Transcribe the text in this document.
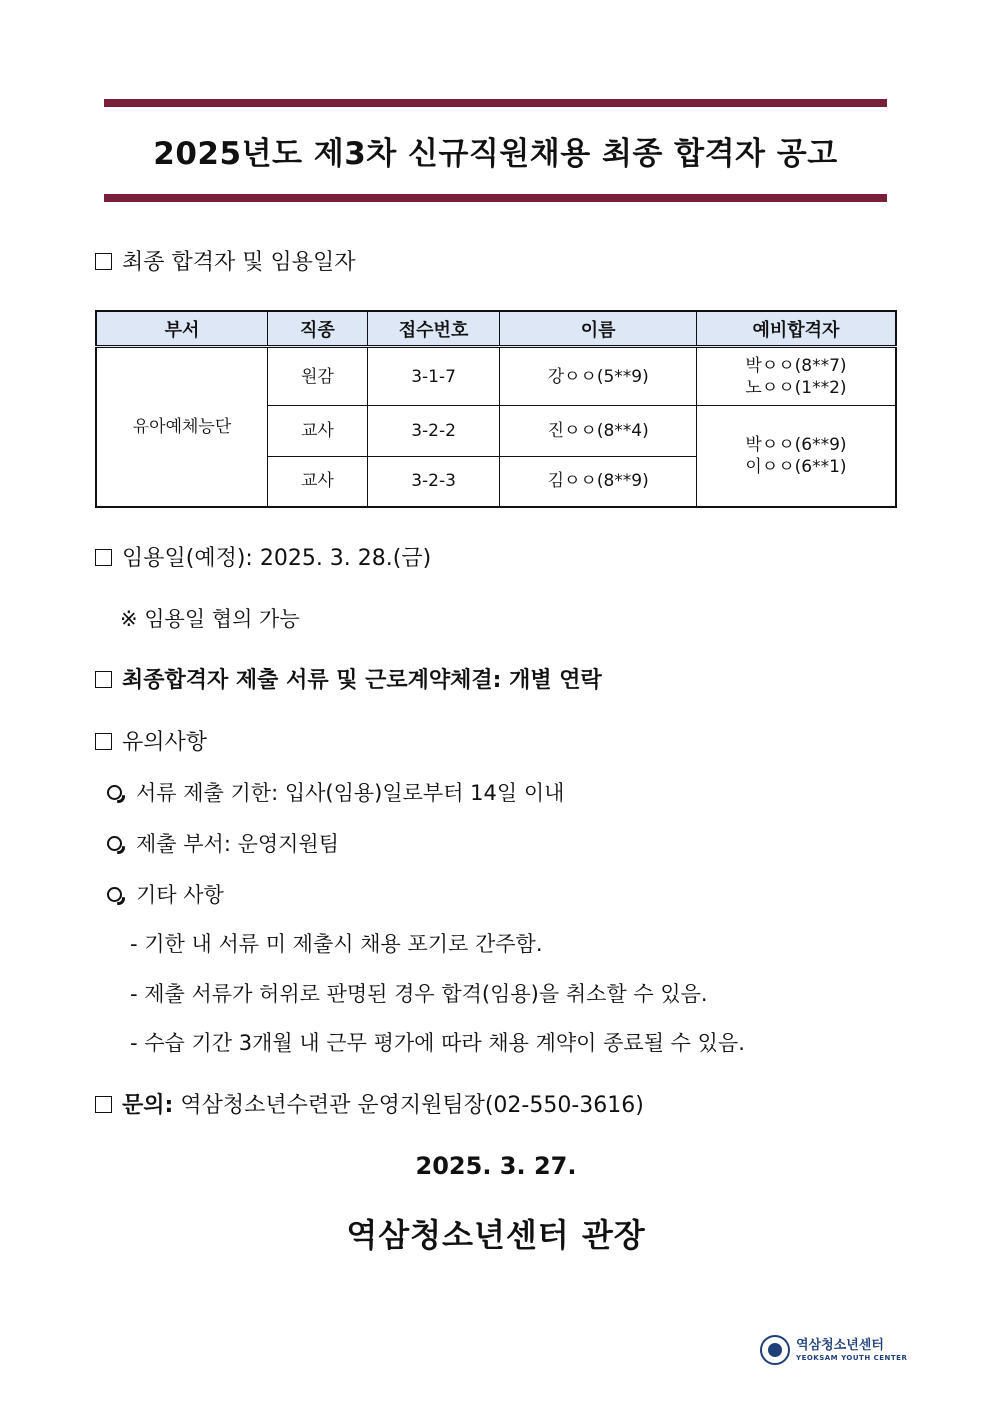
2025년도 제3차 신규직원채용 최종 합격자 공고
최종 합격자 및 임용일자
부서	직종	접수번호	이름	예비합격자
유아예체능단	원감	3-1-7	강ㅇㅇ(5**9)	박ㅇㅇ(8**7)
노ㅇㅇ(1**2)

	교사	3-2-2	진ㅇㅇ(8**4)	박ㅇㅇ(6**9)
이ㅇㅇ(6**1)

	교사	3-2-3	김ㅇㅇ(8**9)	
임용일(예정): 2025. 3. 28.(금)
※ 임용일 협의 가능
최종합격자 제출 서류 및 근로계약체결: 개별 연락
유의사항
서류 제출 기한: 입사(임용)일로부터 14일 이내
제출 부서: 운영지원팀
기타 사항
- 기한 내 서류 미 제출시 채용 포기로 간주함.
- 제출 서류가 허위로 판명된 경우 합격(임용)을 취소할 수 있음.
- 수습 기간 3개월 내 근무 평가에 따라 채용 계약이 종료될 수 있음.
문의: 역삼청소년수련관 운영지원팀장(02-550-3616)
2025. 3. 27.
역삼청소년센터 관장
역삼청소년센터
YEOKSAM YOUTH CENTER
